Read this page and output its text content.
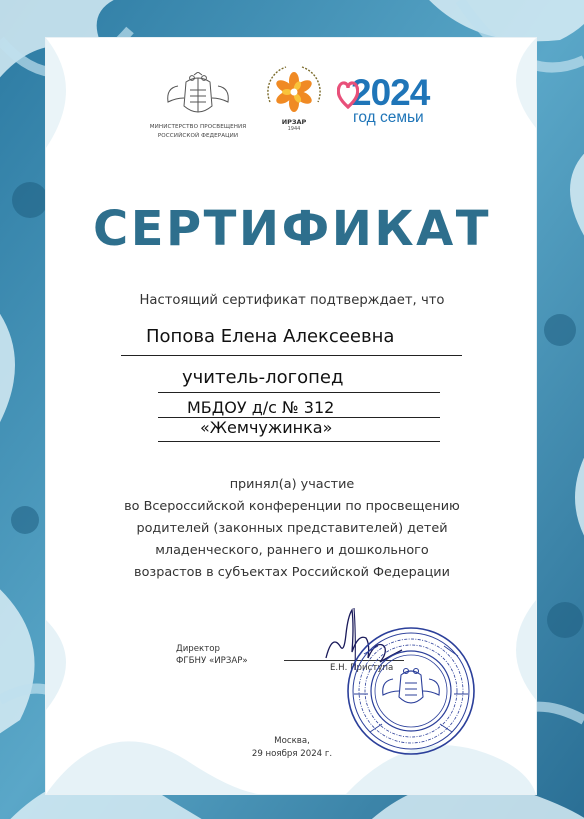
МИНИСТЕРСТВО ПРОСВЕЩЕНИЯ
РОССИЙСКОЙ ФЕДЕРАЦИИ
ИРЗАР
1944
2024
год семьи
СЕРТИФИКАТ
Настоящий сертификат подтверждает, что
Попова Елена Алексеевна
учитель-логопед
МБДОУ д/с № 312
«Жемчужинка»
принял(а) участие
во Всероссийской конференции по просвещению
родителей (законных представителей) детей
младенческого, раннего и дошкольного
возрастов в субъектах Российской Федерации
Директор
ФГБНУ «ИРЗАР»
Е.Н. Приступа
Москва,
29 ноября 2024 г.
